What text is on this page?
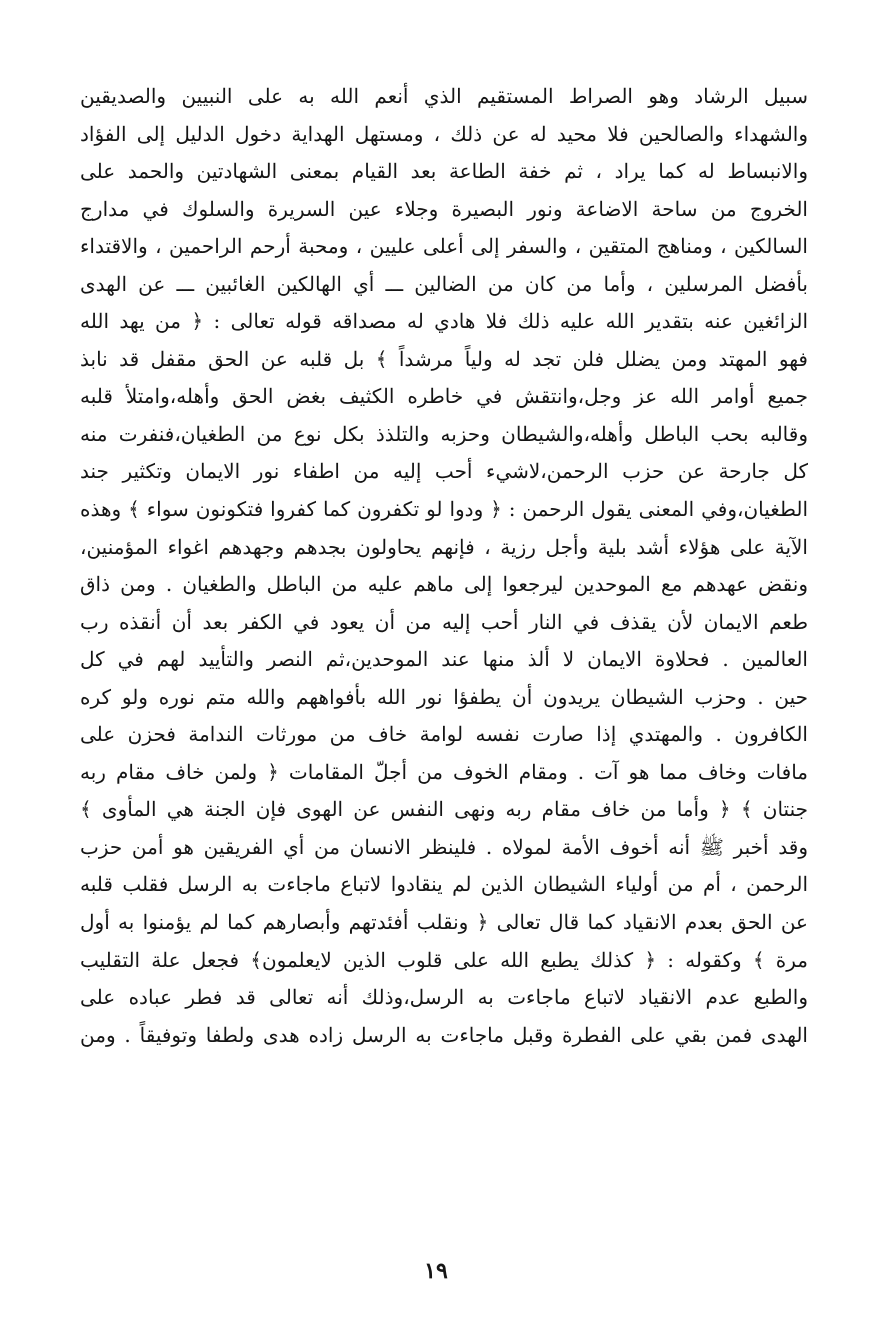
سبيل الرشاد وهو الصراط المستقيم الذي أنعم الله به على النبيين والصديقين
والشهداء والصالحين فلا محيد له عن ذلك ، ومستهل الهداية دخول الدليل إلى الفؤاد
والانبساط له كما يراد ، ثم خفة الطاعة بعد القيام بمعنى الشهادتين والحمد على
الخروج من ساحة الاضاعة ونور البصيرة وجلاء عين السريرة والسلوك في مدارج
السالكين ، ومناهج المتقين ، والسفر إلى أعلى عليين ، ومحبة أرحم الراحمين ، والاقتداء
بأفضل المرسلين ، وأما من كان من الضالين ـــ أي الهالكين الغائبين ـــ عن الهدى
الزائغين عنه بتقدير الله عليه ذلك فلا هادي له مصداقه قوله تعالى : ﴿ من يهد الله
فهو المهتد ومن يضلل فلن تجد له ولياً مرشداً ﴾ بل قلبه عن الحق مقفل قد نابذ
جميع أوامر الله عز وجل،وانتقش في خاطره الكثيف بغض الحق وأهله،وامتلأ قلبه
وقالبه بحب الباطل وأهله،والشيطان وحزبه والتلذذ بكل نوع من الطغيان،فنفرت منه
كل جارحة عن حزب الرحمن،لاشيء أحب إليه من اطفاء نور الايمان وتكثير جند
الطغيان،وفي المعنى يقول الرحمن : ﴿ ودوا لو تكفرون كما كفروا فتكونون سواء ﴾ وهذه
الآية على هؤلاء أشد بلية وأجل رزية ، فإنهم يحاولون بجدهم وجهدهم اغواء المؤمنين،
ونقض عهدهم مع الموحدين ليرجعوا إلى ماهم عليه من الباطل والطغيان . ومن ذاق
طعم الايمان لأن يقذف في النار أحب إليه من أن يعود في الكفر بعد أن أنقذه رب
العالمين . فحلاوة الايمان لا ألذ منها عند الموحدين،ثم النصر والتأييد لهم في كل
حين . وحزب الشيطان يريدون أن يطفؤا نور الله بأفواههم والله متم نوره ولو كره
الكافرون . والمهتدي إذا صارت نفسه لوامة خاف من مورثات الندامة فحزن على
مافات وخاف مما هو آت . ومقام الخوف من أجلّ المقامات ﴿ ولمن خاف مقام ربه
جنتان ﴾ ﴿ وأما من خاف مقام ربه ونهى النفس عن الهوى فإن الجنة هي المأوى ﴾
وقد أخبر ﷺ أنه أخوف الأمة لمولاه . فلينظر الانسان من أي الفريقين هو أمن حزب
الرحمن ، أم من أولياء الشيطان الذين لم ينقادوا لاتباع ماجاءت به الرسل فقلب قلبه
عن الحق بعدم الانقياد كما قال تعالى ﴿ ونقلب أفئدتهم وأبصارهم كما لم يؤمنوا به أول
مرة ﴾ وكقوله : ﴿ كذلك يطبع الله على قلوب الذين لايعلمون﴾ فجعل علة التقليب
والطبع عدم الانقياد لاتباع ماجاءت به الرسل،وذلك أنه تعالى قد فطر عباده على
الهدى فمن بقي على الفطرة وقبل ماجاءت به الرسل زاده هدى ولطفا وتوفيقاً . ومن
١٩
